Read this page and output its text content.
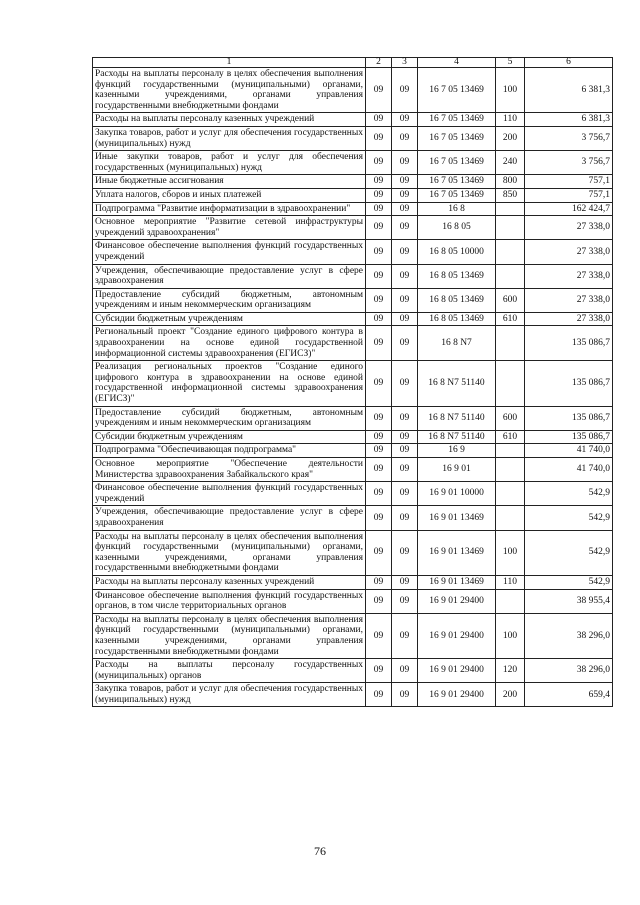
1	2	3	4	5	6
Расходы на выплаты персоналу в целях обеспечения выполнения функций государственными (муниципальными) органами, казенными учреждениями, органами управления государственными внебюджетными фондами	09	09	16 7 05 13469	100	6 381,3
Расходы на выплаты персоналу казенных учреждений	09	09	16 7 05 13469	110	6 381,3
Закупка товаров, работ и услуг для обеспечения государственных (муниципальных) нужд	09	09	16 7 05 13469	200	3 756,7
Иные закупки товаров, работ и услуг для обеспечения государственных (муниципальных) нужд	09	09	16 7 05 13469	240	3 756,7
Иные бюджетные ассигнования	09	09	16 7 05 13469	800	757,1
Уплата налогов, сборов и иных платежей	09	09	16 7 05 13469	850	757,1
Подпрограмма "Развитие информатизации в здравоохранении"	09	09	16 8		162 424,7
Основное мероприятие "Развитие сетевой инфраструктуры учреждений здравоохранения"	09	09	16 8 05		27 338,0
Финансовое обеспечение выполнения функций государственных учреждений	09	09	16 8 05 10000		27 338,0
Учреждения, обеспечивающие предоставление услуг в сфере здравоохранения	09	09	16 8 05 13469		27 338,0
Предоставление субсидий бюджетным, автономным учреждениям и иным некоммерческим организациям	09	09	16 8 05 13469	600	27 338,0
Субсидии бюджетным учреждениям	09	09	16 8 05 13469	610	27 338,0
Региональный проект "Создание единого цифрового контура в здравоохранении на основе единой государственной информационной системы здравоохранения (ЕГИСЗ)"	09	09	16 8 N7		135 086,7
Реализация региональных проектов "Создание единого цифрового контура в здравоохранении на основе единой государственной информационной системы здравоохранения (ЕГИСЗ)"	09	09	16 8 N7 51140		135 086,7
Предоставление субсидий бюджетным, автономным учреждениям и иным некоммерческим организациям	09	09	16 8 N7 51140	600	135 086,7
Субсидии бюджетным учреждениям	09	09	16 8 N7 51140	610	135 086,7
Подпрограмма "Обеспечивающая подпрограмма"	09	09	16 9		41 740,0
Основное мероприятие "Обеспечение деятельности Министерства здравоохранения Забайкальского края"	09	09	16 9 01		41 740,0
Финансовое обеспечение выполнения функций государственных учреждений	09	09	16 9 01 10000		542,9
Учреждения, обеспечивающие предоставление услуг в сфере здравоохранения	09	09	16 9 01 13469		542,9
Расходы на выплаты персоналу в целях обеспечения выполнения функций государственными (муниципальными) органами, казенными учреждениями, органами управления государственными внебюджетными фондами	09	09	16 9 01 13469	100	542,9
Расходы на выплаты персоналу казенных учреждений	09	09	16 9 01 13469	110	542,9
Финансовое обеспечение выполнения функций государственных органов, в том числе территориальных органов	09	09	16 9 01 29400		38 955,4
Расходы на выплаты персоналу в целях обеспечения выполнения функций государственными (муниципальными) органами, казенными учреждениями, органами управления государственными внебюджетными фондами	09	09	16 9 01 29400	100	38 296,0
Расходы на выплаты персоналу государственных (муниципальных) органов	09	09	16 9 01 29400	120	38 296,0
Закупка товаров, работ и услуг для обеспечения государственных (муниципальных) нужд	09	09	16 9 01 29400	200	659,4
76
